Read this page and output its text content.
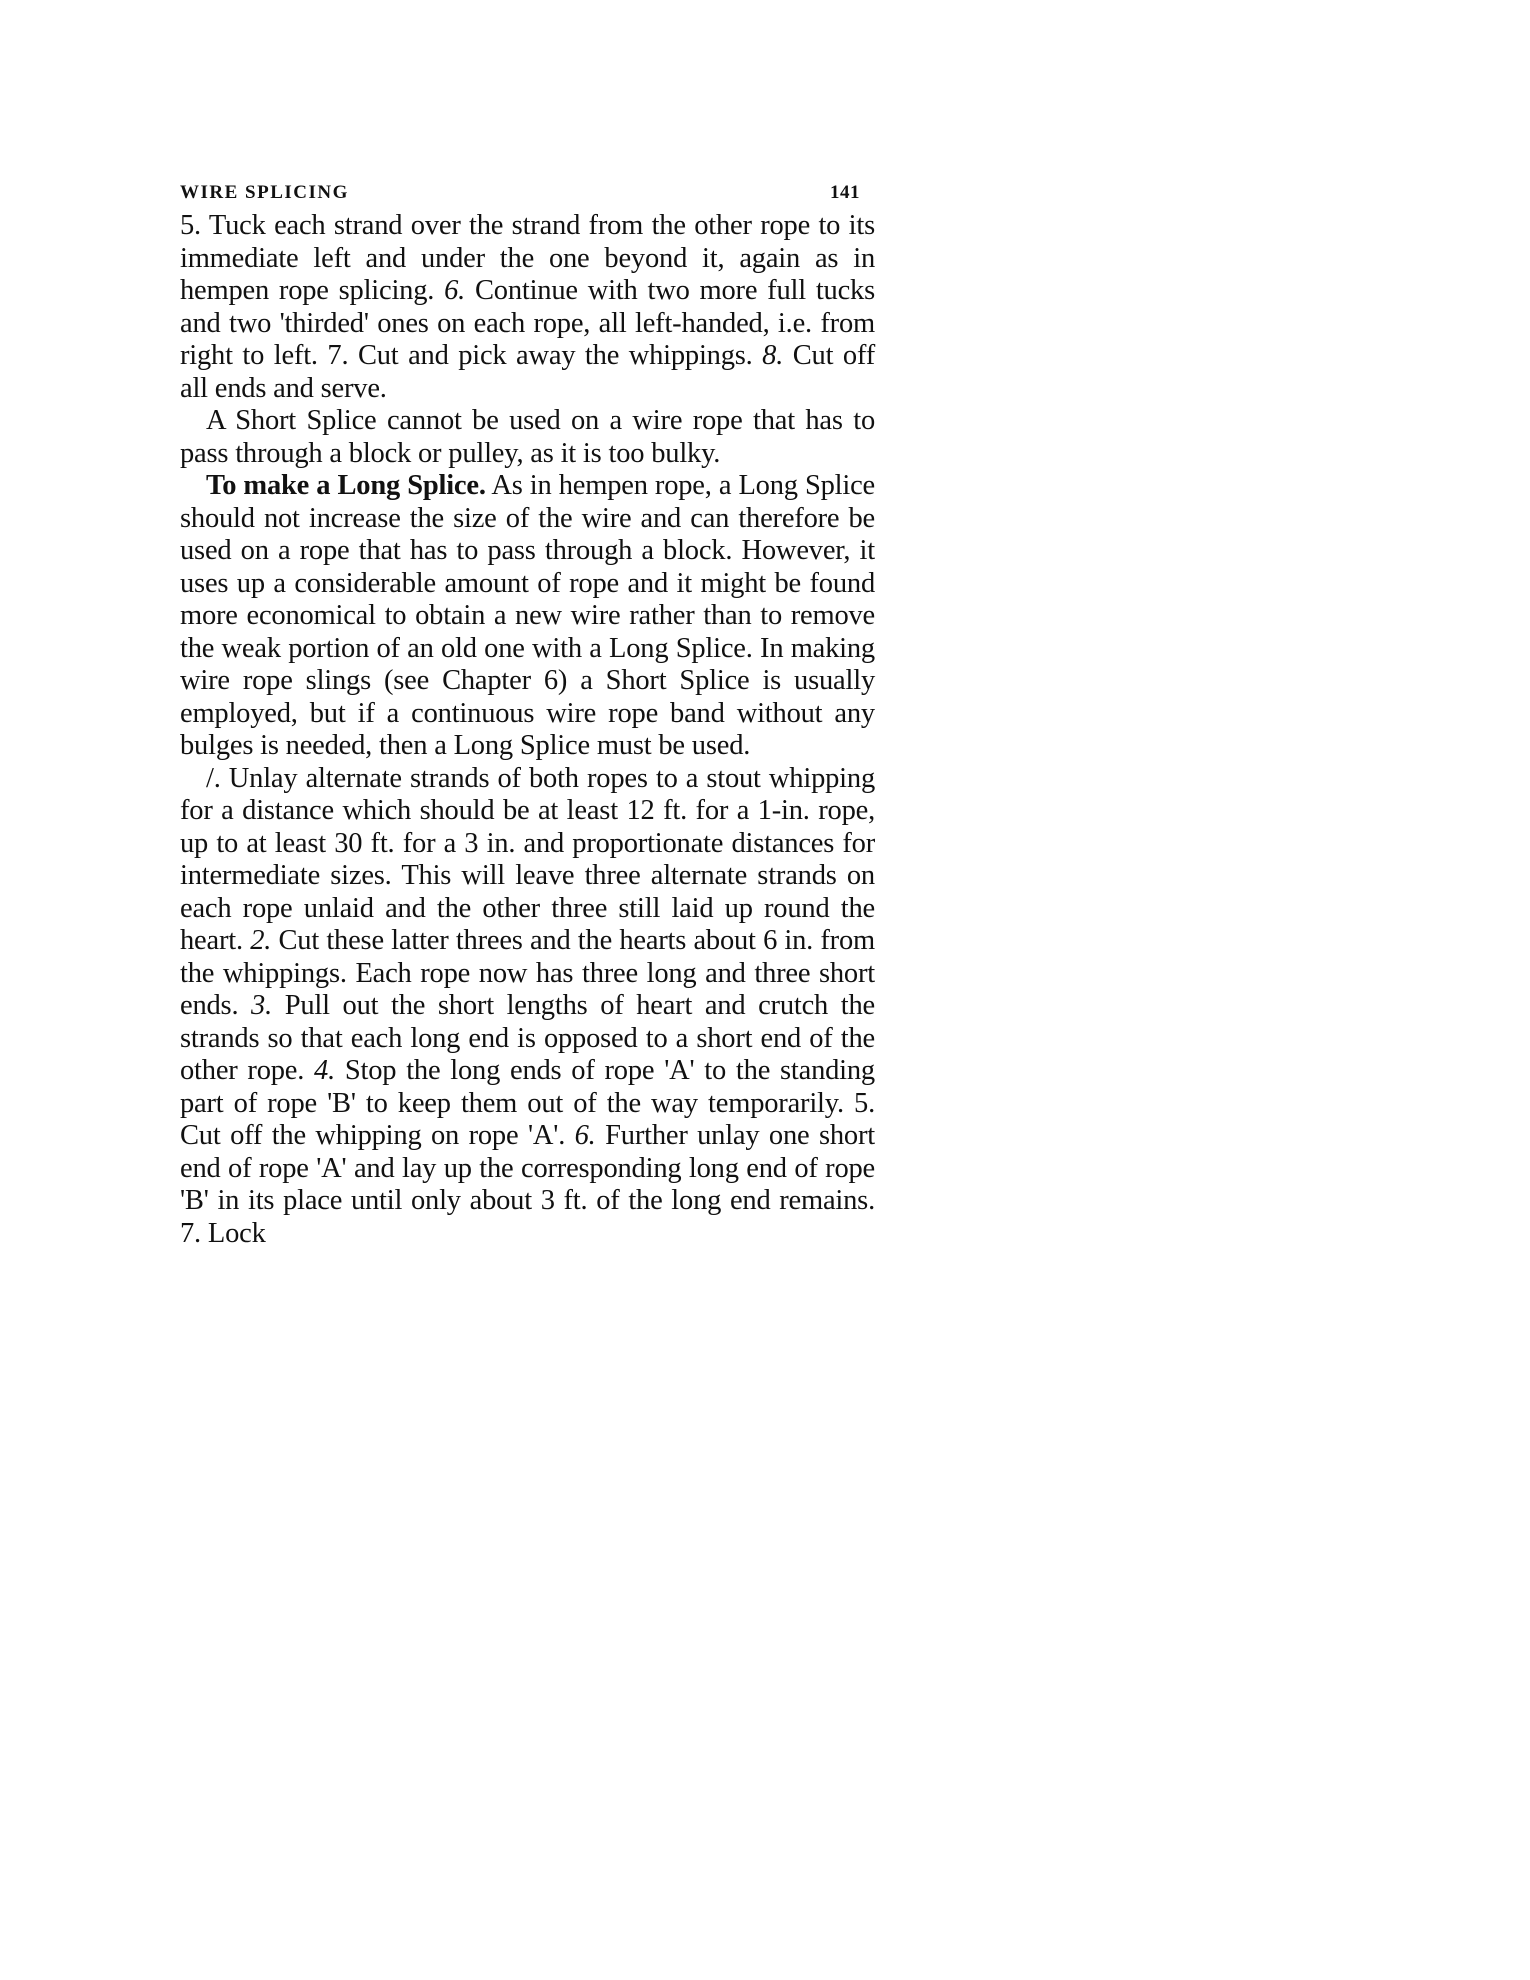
WIRE SPLICING	141

5. Tuck each strand over the strand from the other rope to its immediate left and under the one beyond it, again as in hempen rope splicing. 6. Continue with two more full tucks and two 'thirded' ones on each rope, all left-handed, i.e. from right to left. 7. Cut and pick away the whippings. 8. Cut off all ends and serve.

A Short Splice cannot be used on a wire rope that has to pass through a block or pulley, as it is too bulky.

To make a Long Splice. As in hempen rope, a Long Splice should not increase the size of the wire and can therefore be used on a rope that has to pass through a block. However, it uses up a considerable amount of rope and it might be found more economical to obtain a new wire rather than to remove the weak portion of an old one with a Long Splice. In making wire rope slings (see Chapter 6) a Short Splice is usually employed, but if a continuous wire rope band without any bulges is needed, then a Long Splice must be used.

/. Unlay alternate strands of both ropes to a stout whipping for a distance which should be at least 12 ft. for a 1-in. rope, up to at least 30 ft. for a 3 in. and proportionate distances for intermediate sizes. This will leave three alternate strands on each rope unlaid and the other three still laid up round the heart. 2. Cut these latter threes and the hearts about 6 in. from the whippings. Each rope now has three long and three short ends. 3. Pull out the short lengths of heart and crutch the strands so that each long end is opposed to a short end of the other rope. 4. Stop the long ends of rope 'A' to the standing part of rope 'B' to keep them out of the way temporarily. 5. Cut off the whipping on rope 'A'. 6. Further unlay one short end of rope 'A' and lay up the corresponding long end of rope 'B' in its place until only about 3 ft. of the long end remains. 7. Lock
